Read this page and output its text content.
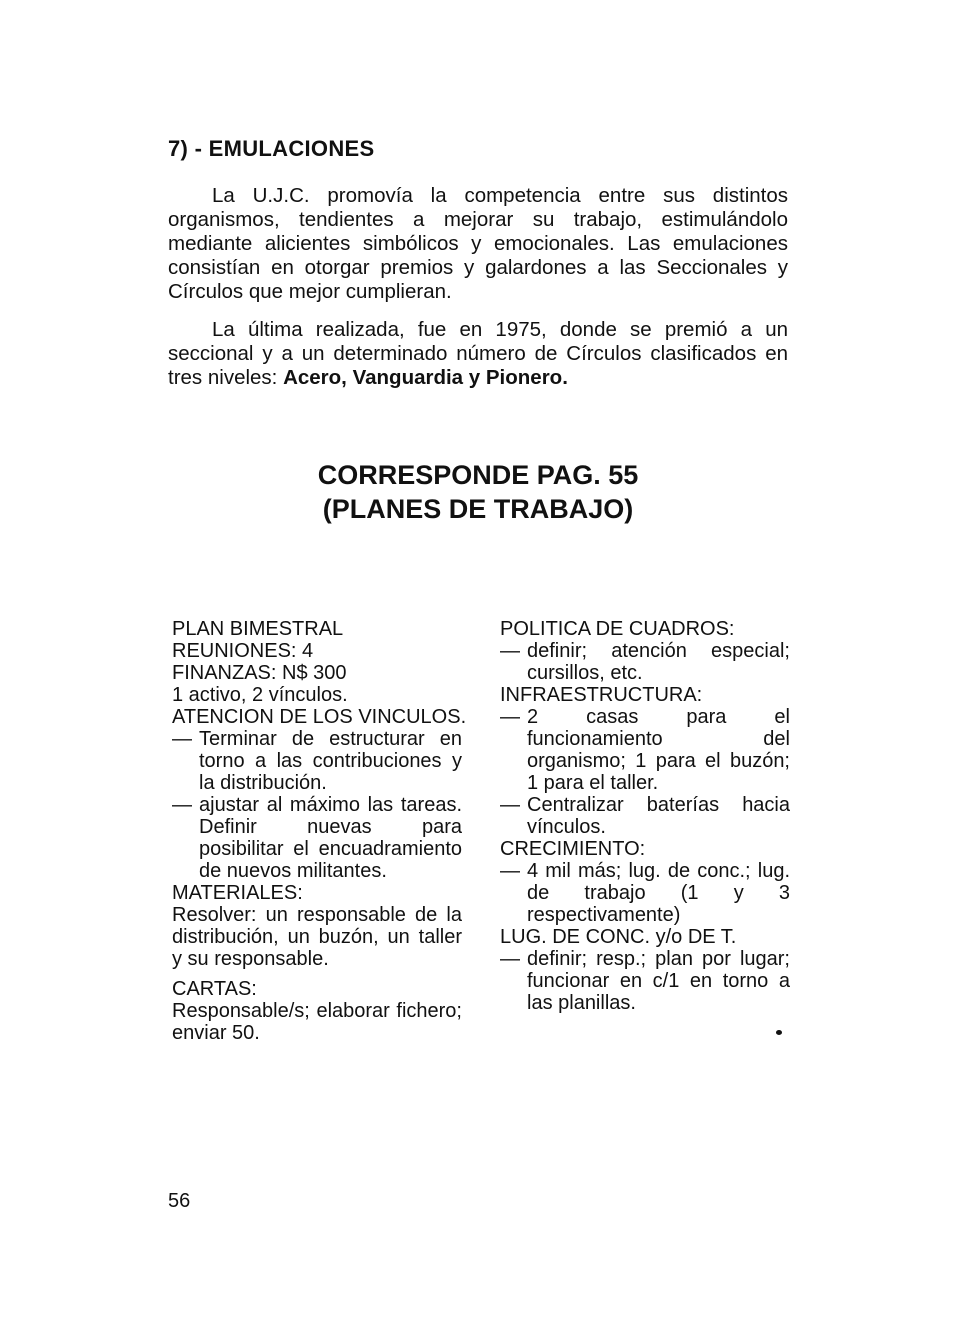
7) - EMULACIONES

La U.J.C. promovía la competencia entre sus distintos organismos, tendientes a mejorar su trabajo, estimulándolo mediante alicientes simbólicos y emocionales. Las emulaciones consistían en otorgar premios y galardones a las Seccionales y Círculos que mejor cumplieran.

La última realizada, fue en 1975, donde se premió a un seccional y a un determinado número de Círculos clasificados en tres niveles: Acero, Vanguardia y Pionero.

CORRESPONDE PAG. 55
(PLANES DE TRABAJO)

PLAN BIMESTRAL

REUNIONES: 4

FINANZAS: N$ 300

1 activo, 2 vínculos.

ATENCION DE LOS VINCULOS.

— Terminar de estructurar en torno a las contribuciones y la distribución.
— ajustar al máximo las tareas. Definir nuevas para posibilitar el encuadramiento de nuevos militantes.

MATERIALES:

Resolver: un responsable de la distribución, un buzón, un taller y su responsable.

CARTAS:

Responsable/s; elaborar fichero; enviar 50.

POLITICA DE CUADROS:

— definir; atención especial; cursillos, etc.

INFRAESTRUCTURA:

— 2 casas para el funcionamiento del organismo; 1 para el buzón; 1 para el taller.
— Centralizar baterías hacia vínculos.

CRECIMIENTO:

— 4 mil más; lug. de conc.; lug. de trabajo (1 y 3 respectivamente)

LUG. DE CONC. y/o DE T.

— definir; resp.; plan por lugar; funcionar en c/1 en torno a las planillas.
56
